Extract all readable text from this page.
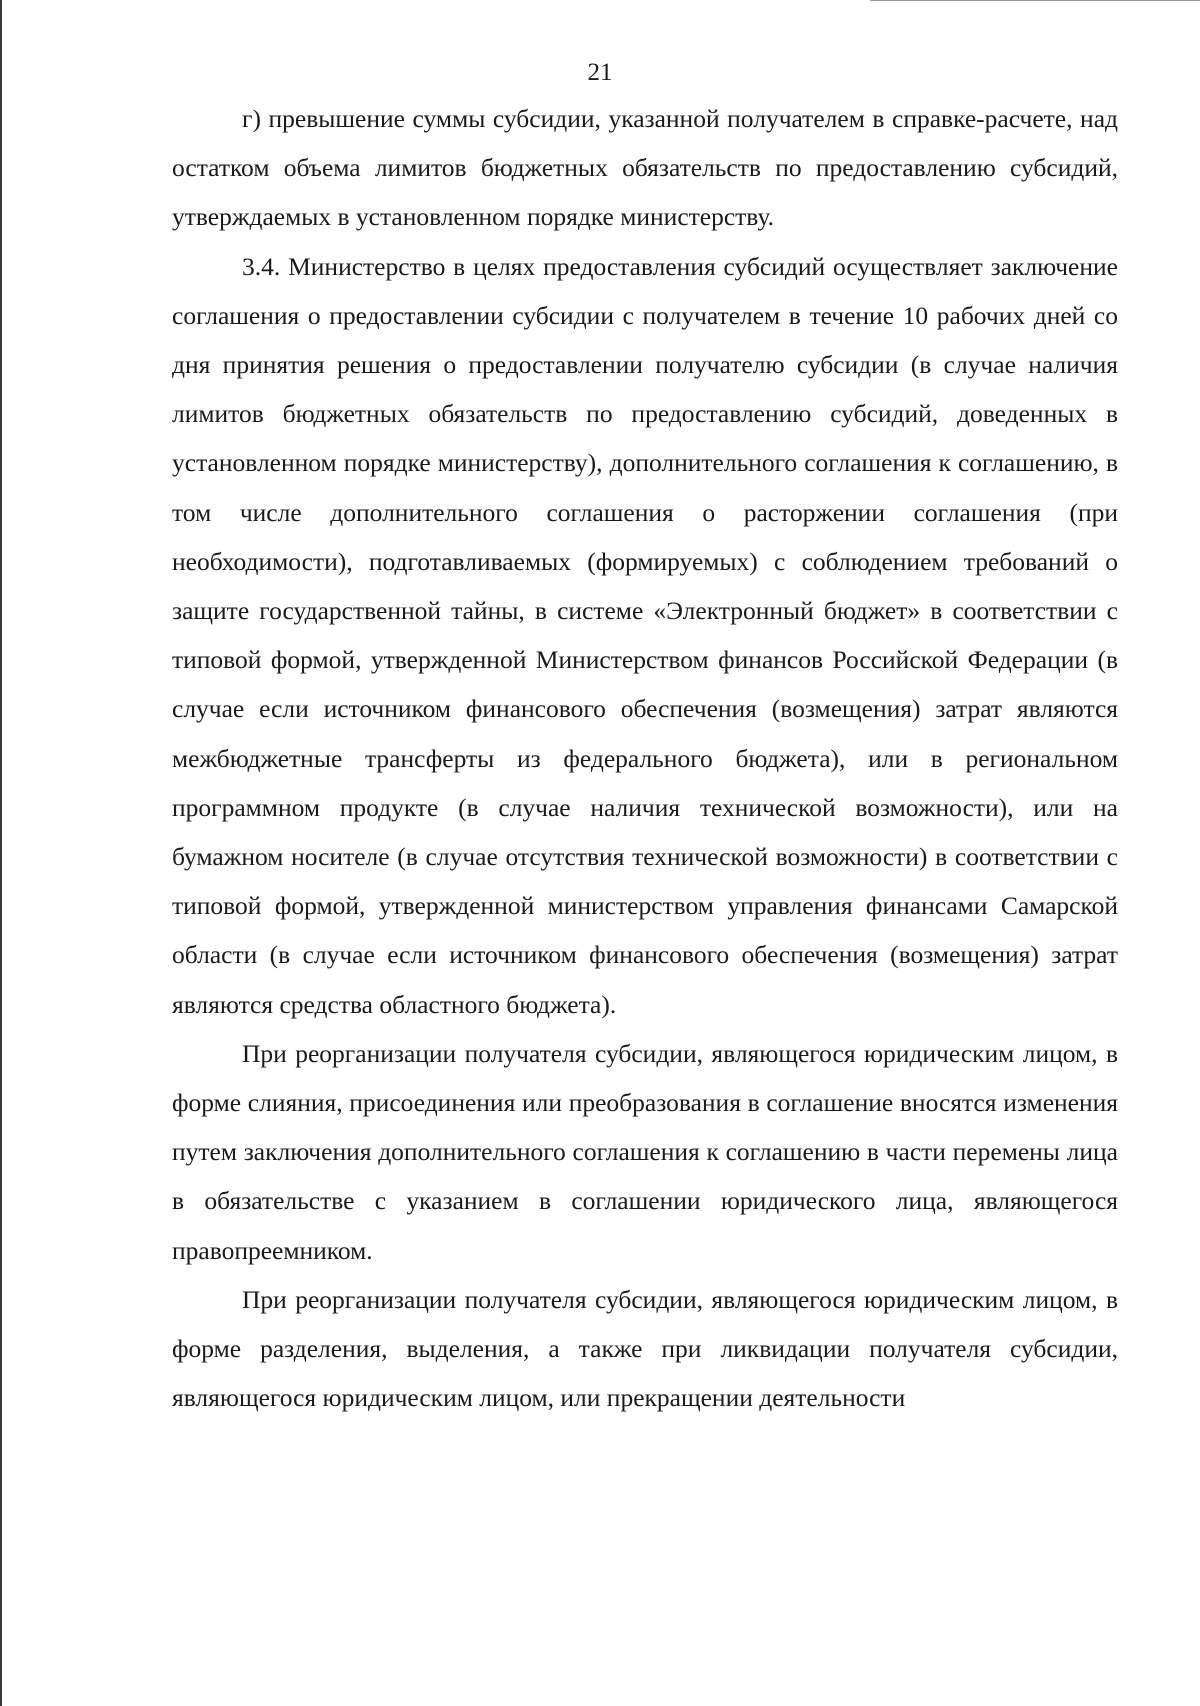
21

г) превышение суммы субсидии, указанной получателем в справке-расчете, над остатком объема лимитов бюджетных обязательств по предоставлению субсидий, утверждаемых в установленном порядке министерству.

3.4. Министерство в целях предоставления субсидий осуществляет заключение соглашения о предоставлении субсидии с получателем в течение 10 рабочих дней со дня принятия решения о предоставлении получателю субсидии (в случае наличия лимитов бюджетных обязательств по предоставлению субсидий, доведенных в установленном порядке министерству), дополнительного соглашения к соглашению, в том числе дополнительного соглашения о расторжении соглашения (при необходимости), подготавливаемых (формируемых) с соблюдением требований о защите государственной тайны, в системе «Электронный бюджет» в соответствии с типовой формой, утвержденной Министерством финансов Российской Федерации (в случае если источником финансового обеспечения (возмещения) затрат являются межбюджетные трансферты из федерального бюджета), или в региональном программном продукте (в случае наличия технической возможности), или на бумажном носителе (в случае отсутствия технической возможности) в соответствии с типовой формой, утвержденной министерством управления финансами Самарской области (в случае если источником финансового обеспечения (возмещения) затрат являются средства областного бюджета).

При реорганизации получателя субсидии, являющегося юридическим лицом, в форме слияния, присоединения или преобразования в соглашение вносятся изменения путем заключения дополнительного соглашения к соглашению в части перемены лица в обязательстве с указанием в соглашении юридического лица, являющегося правопреемником.

При реорганизации получателя субсидии, являющегося юридическим лицом, в форме разделения, выделения, а также при ликвидации получателя субсидии, являющегося юридическим лицом, или прекращении деятельности
